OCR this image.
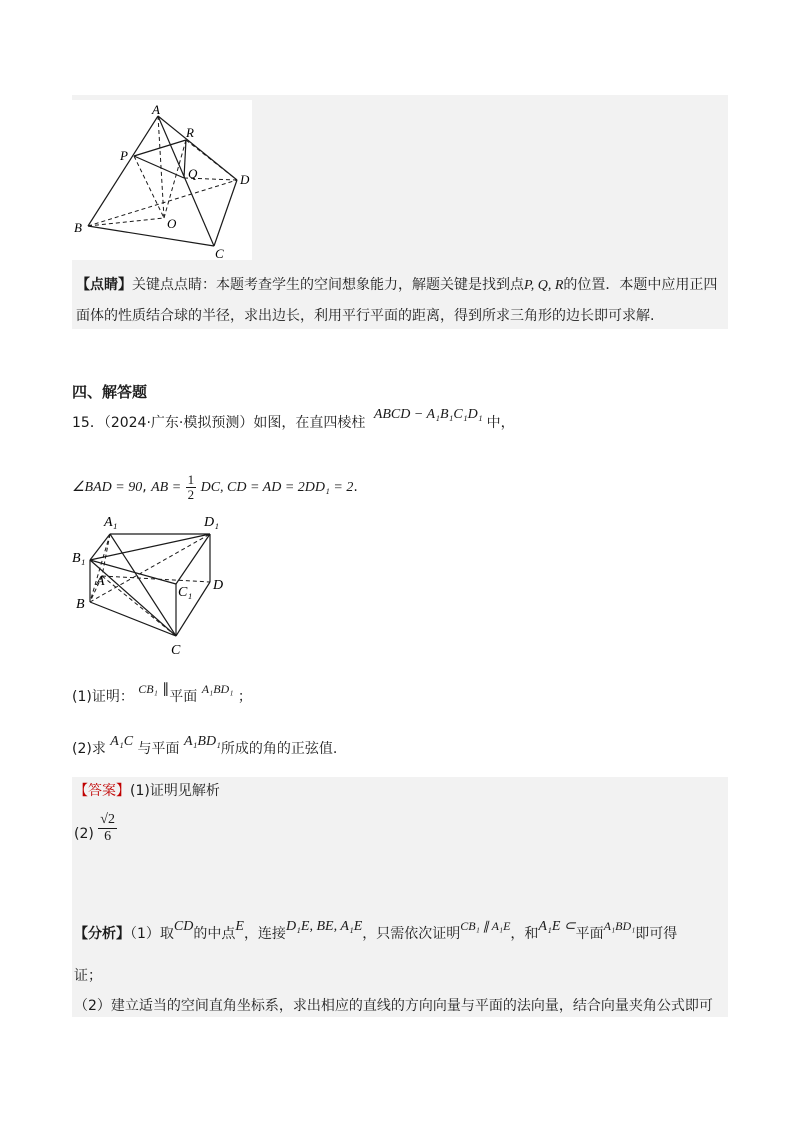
A
R
P
Q	D
B	O
C
【点睛】关键点点睛：本题考查学生的空间想象能力，解题关键是找到点P, Q, R的位置．本题中应用正四
面体的性质结合球的半径，求出边长，利用平行平面的距离，得到所求三角形的边长即可求解.
四、解答题
15．（2024·广东·模拟预测）如图，在直四棱柱 ABCD − A₁B₁C₁D₁中，
∠BAD = 90, AB = $\frac{1}{2}$ DC, CD = AD = 2DD₁ = 2.
A₁	D₁
B₁
A	D
C₁
B
C
(1)证明： CB₁ ∥平面 A₁BD₁ ；
(2)求 A₁C 与平面 A₁BD₁所成的角的正弦值.
【答案】(1)证明见解析
$(2) \frac{√2}{6}$
【分析】（1）取CD的中点E，连接D₁E, BE, A₁E，只需依次证明CB₁ ∥ A₁E，和A₁E ⊂平面A₁BD₁即可得
证；
（2）建立适当的空间直角坐标系，求出相应的直线的方向向量与平面的法向量，结合向量夹角公式即可
